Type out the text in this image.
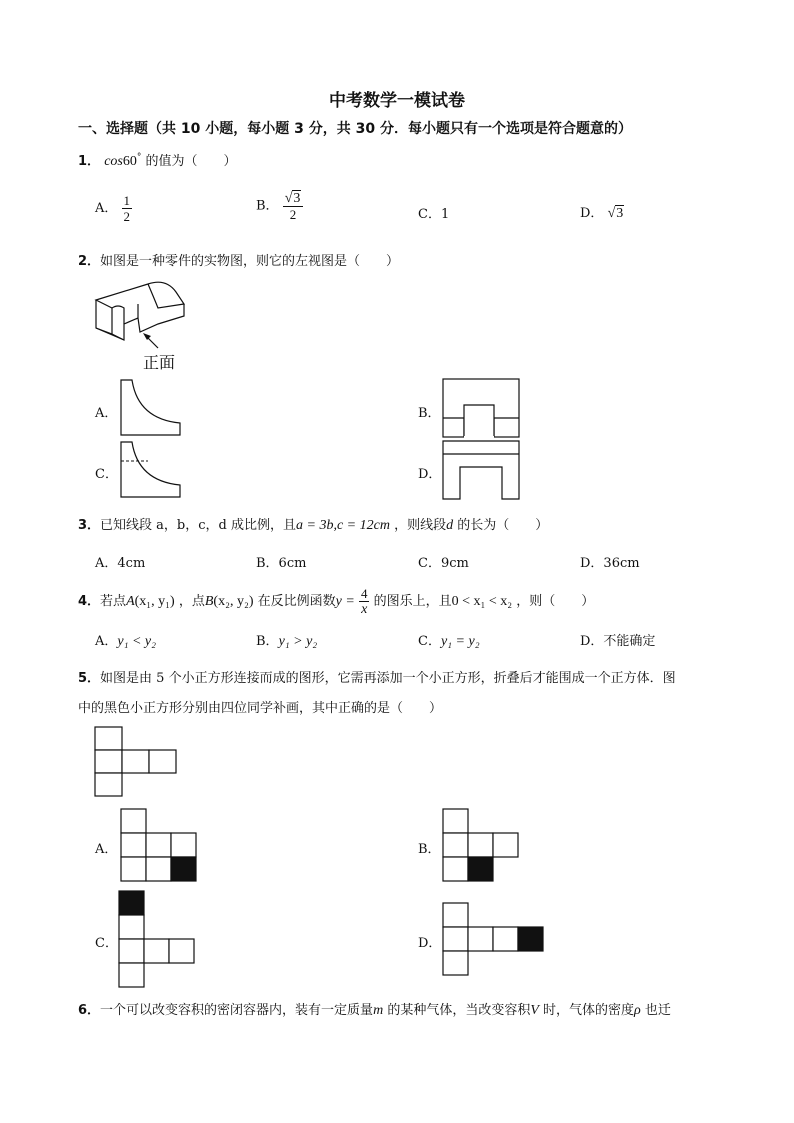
中考数学一模试卷
一、选择题（共 10 小题，每小题 3 分，共 30 分．每小题只有一个选项是符合题意的）
1． cos60° 的值为（　　）
A． $\frac{1}{2}$	B． $\frac{√3}{2}$	C．1	D． √3
2．如图是一种零件的实物图，则它的左视图是（　　）
正面
A．	B．
C．	D．
3．已知线段 a，b，c，d 成比例，且a = 3b,c = 12cm ，则线段d 的长为（　　）
A．4cm	B．6cm	C．9cm	D．36cm
4．若点A(x₁, y₁) ，点B(x₂, y₂) 在反比例函数$y = \frac{4}{x}$ 的图乐上，且0 < x₁ < x₂ ，则（　　）
A．y₁ < y₂	B．y₁ > y₂	C．y₁ = y₂	D．不能确定
5．如图是由 5 个小正方形连接而成的图形，它需再添加一个小正方形，折叠后才能围成一个正方体．图
中的黑色小正方形分别由四位同学补画，其中正确的是（　　）
A．	B．
C．	D．
6．一个可以改变容积的密闭容器内，装有一定质量m 的某种气体，当改变容积V 时，气体的密度ρ 也迁
